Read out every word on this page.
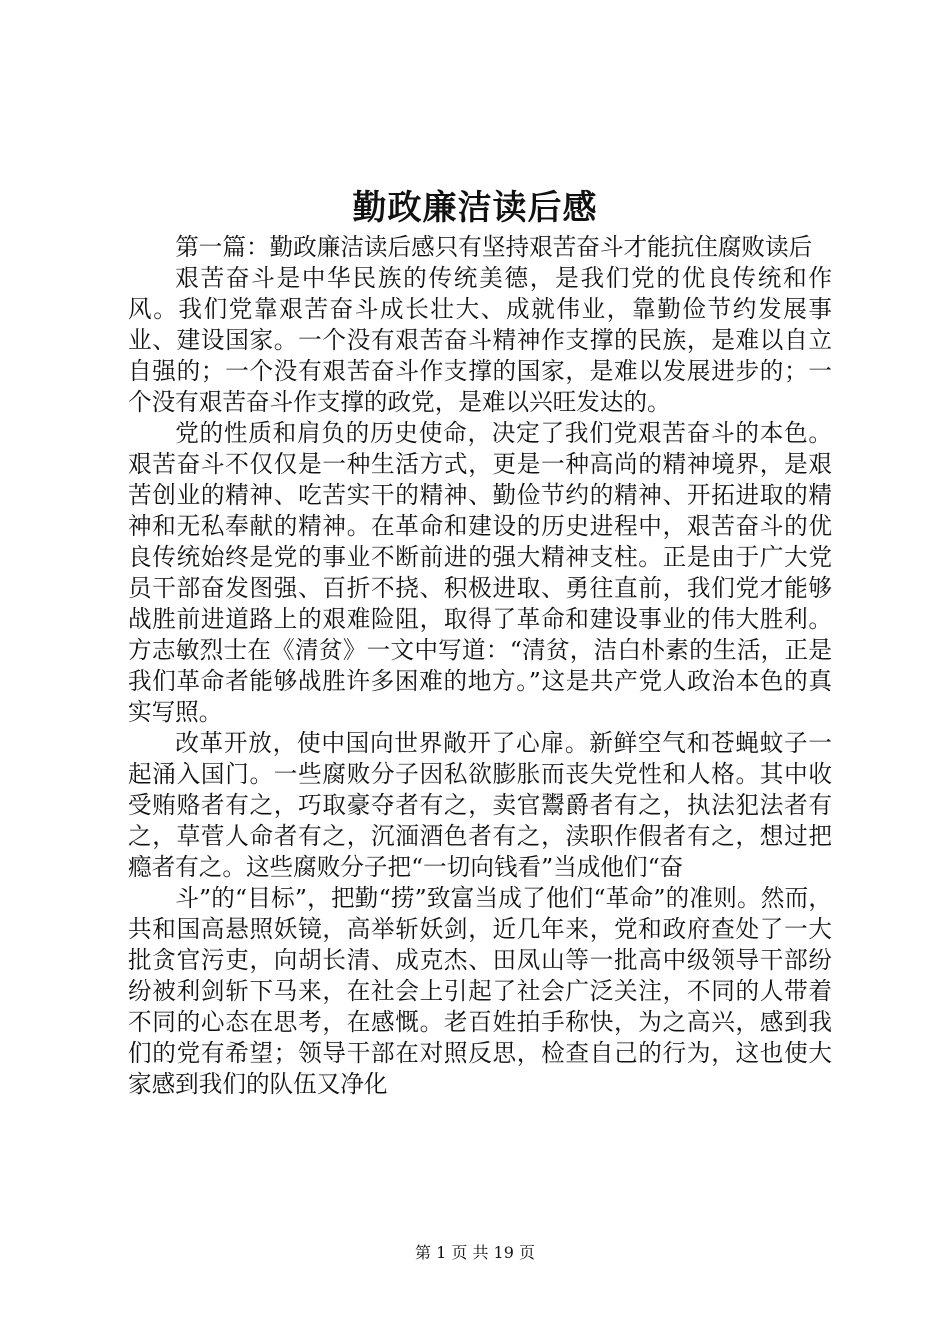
勤政廉洁读后感

第一篇：勤政廉洁读后感只有坚持艰苦奋斗才能抗住腐败读后

艰苦奋斗是中华民族的传统美德，是我们党的优良传统和作风。我们党靠艰苦奋斗成长壮大、成就伟业，靠勤俭节约发展事业、建设国家。一个没有艰苦奋斗精神作支撑的民族，是难以自立自强的；一个没有艰苦奋斗作支撑的国家，是难以发展进步的；一个没有艰苦奋斗作支撑的政党，是难以兴旺发达的。

党的性质和肩负的历史使命，决定了我们党艰苦奋斗的本色。艰苦奋斗不仅仅是一种生活方式，更是一种高尚的精神境界，是艰苦创业的精神、吃苦实干的精神、勤俭节约的精神、开拓进取的精神和无私奉献的精神。在革命和建设的历史进程中，艰苦奋斗的优良传统始终是党的事业不断前进的强大精神支柱。正是由于广大党员干部奋发图强、百折不挠、积极进取、勇往直前，我们党才能够战胜前进道路上的艰难险阻，取得了革命和建设事业的伟大胜利。方志敏烈士在《清贫》一文中写道：“清贫，洁白朴素的生活，正是我们革命者能够战胜许多困难的地方。”这是共产党人政治本色的真实写照。

改革开放，使中国向世界敞开了心扉。新鲜空气和苍蝇蚊子一起涌入国门。一些腐败分子因私欲膨胀而丧失党性和人格。其中收受贿赂者有之，巧取豪夺者有之，卖官鬻爵者有之，执法犯法者有之，草菅人命者有之，沉湎酒色者有之，渎职作假者有之，想过把瘾者有之。这些腐败分子把“一切向钱看”当成他们“奋

斗”的“目标”，把勤“捞”致富当成了他们“革命”的准则。然而，共和国高悬照妖镜，高举斩妖剑，近几年来，党和政府查处了一大批贪官污吏，向胡长清、成克杰、田凤山等一批高中级领导干部纷纷被利剑斩下马来，在社会上引起了社会广泛关注，不同的人带着不同的心态在思考，在感慨。老百姓拍手称快，为之高兴，感到我们的党有希望；领导干部在对照反思，检查自己的行为，这也使大家感到我们的队伍又净化

第 1 页 共 19 页
